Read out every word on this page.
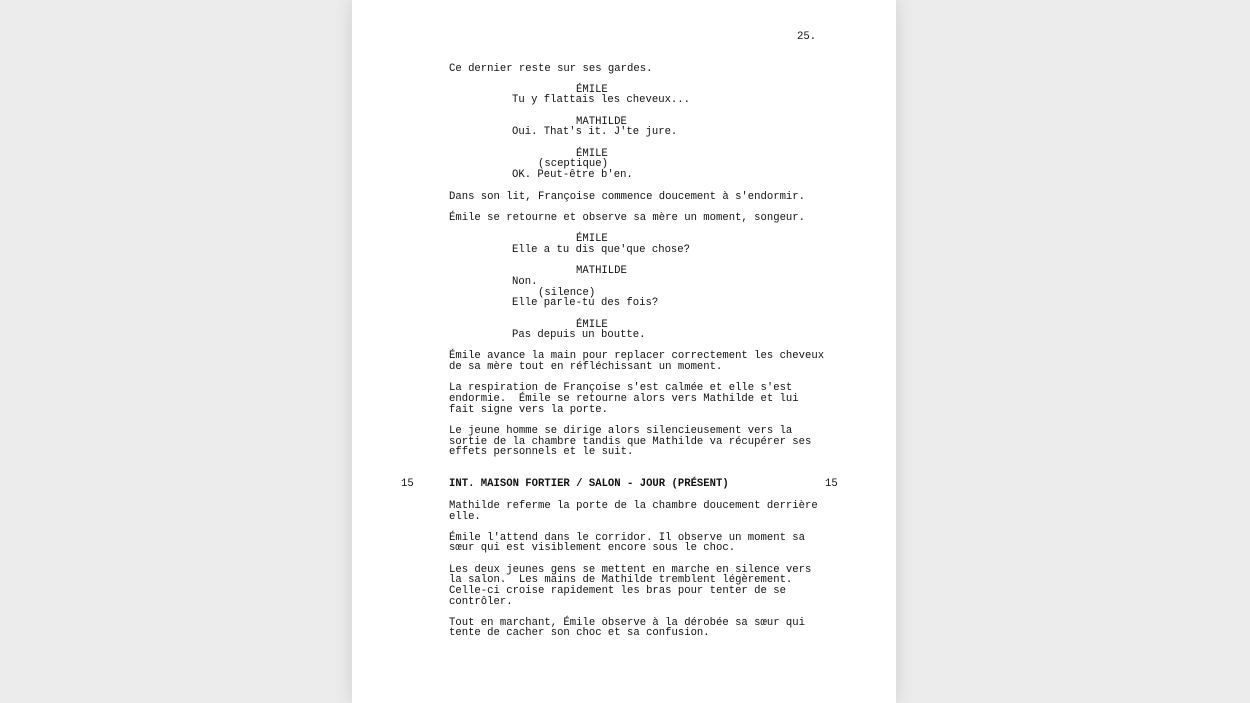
25.
Ce dernier reste sur ses gardes.
ÉMILE
Tu y flattais les cheveux...
MATHILDE
Oui. That's it. J'te jure.
ÉMILE
(sceptique)
OK. Peut-être b'en.
Dans son lit, Françoise commence doucement à s'endormir.
Émile se retourne et observe sa mère un moment, songeur.
ÉMILE
Elle a tu dis que'que chose?
MATHILDE
Non.
(silence)
Elle parle-tu des fois?
ÉMILE
Pas depuis un boutte.
Émile avance la main pour replacer correctement les cheveux
de sa mère tout en réfléchissant un moment.
La respiration de Françoise s'est calmée et elle s'est
endormie.  Émile se retourne alors vers Mathilde et lui
fait signe vers la porte.
Le jeune homme se dirige alors silencieusement vers la
sortie de la chambre tandis que Mathilde va récupérer ses
effets personnels et le suit.
Mathilde referme la porte de la chambre doucement derrière
elle.
Émile l'attend dans le corridor. Il observe un moment sa
sœur qui est visiblement encore sous le choc.
Les deux jeunes gens se mettent en marche en silence vers
la salon.  Les mains de Mathilde tremblent légèrement.
Celle-ci croise rapidement les bras pour tenter de se
contrôler.
Tout en marchant, Émile observe à la dérobée sa sœur qui
tente de cacher son choc et sa confusion.
15	INT. MAISON FORTIER / SALON - JOUR (PRÉSENT)	15
